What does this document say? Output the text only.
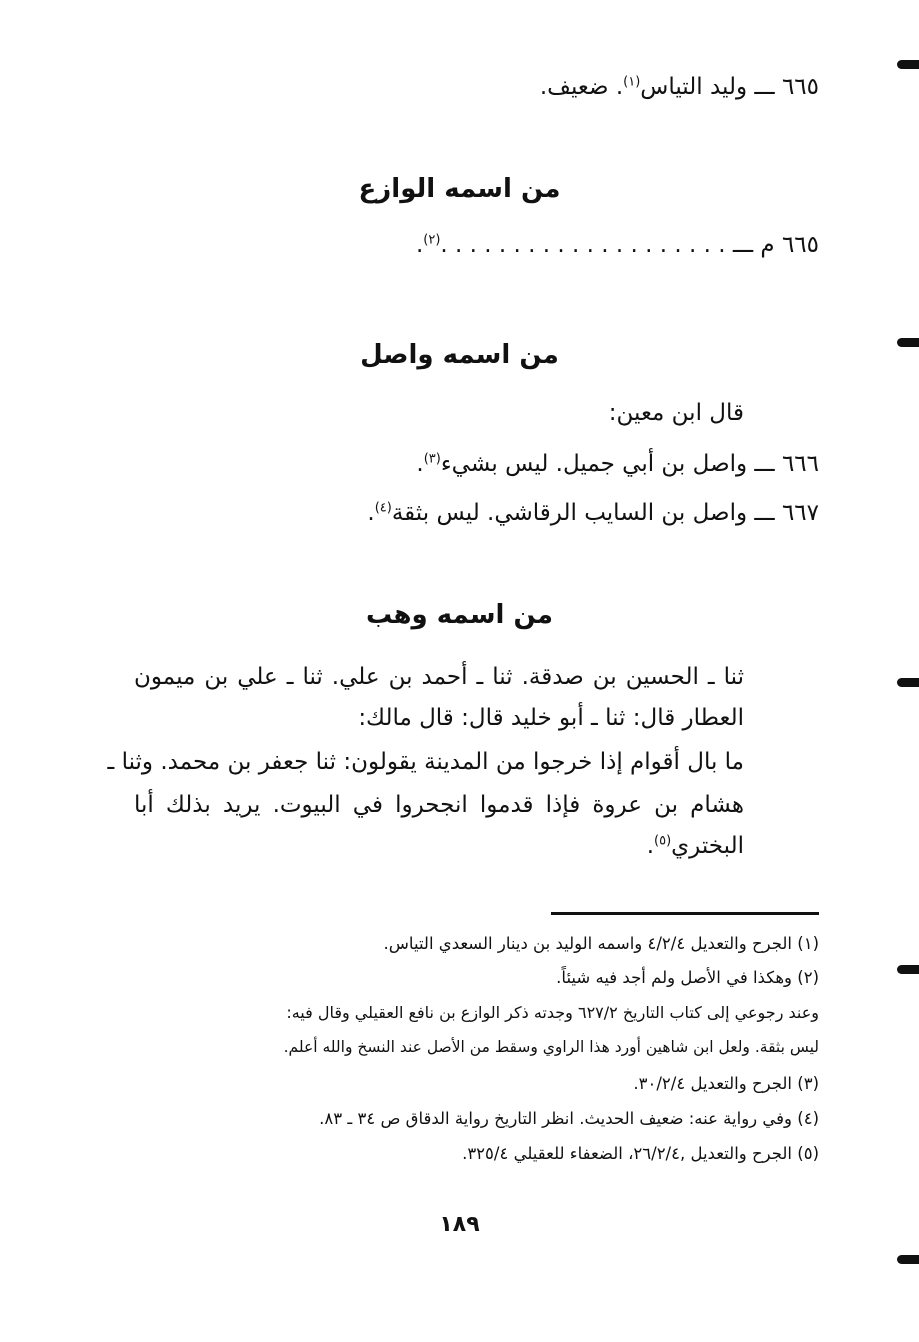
٦٦٥ ـــ وليد التياس$^{(١)}$. ضعيف.
من اسمه الوازع
٦٦٥ م ـــ . . . . . . . . . . . . . . . . . . . .$^{(٢)}$.
من اسمه واصل
قال ابن معين:
٦٦٦ ـــ واصل بن أبي جميل. ليس بشيء$^{(٣)}$.
٦٦٧ ـــ واصل بن السايب الرقاشي. ليس بثقة$^{(٤)}$.
من اسمه وهب
ثنا ـ الحسين بن صدقة. ثنا ـ أحمد بن علي. ثنا ـ علي بن ميمون
العطار قال: ثنا ـ أبو خليد قال: قال مالك:
ما بال أقوام إذا خرجوا من المدينة يقولون: ثنا جعفر بن محمد. وثنا ـ
هشام بن عروة فإذا قدموا انجحروا في البيوت. يريد بذلك أبا
البختري$^{(٥)}$.
(١) الجرح والتعديل ٤/٢/٤ واسمه الوليد بن دينار السعدي التياس.
(٢) وهكذا في الأصل ولم أجد فيه شيئاً.
وعند رجوعي إلى كتاب التاريخ ٦٢٧/٢ وجدته ذكر الوازع بن نافع العقيلي وقال فيه:
ليس بثقة. ولعل ابن شاهين أورد هذا الراوي وسقط من الأصل عند النسخ والله أعلم.
(٣) الجرح والتعديل ٣٠/٢/٤.
(٤) وفي رواية عنه: ضعيف الحديث. انظر التاريخ رواية الدقاق ص ٣٤ ـ ٨٣.
(٥) الجرح والتعديل ,٢٦/٢/٤، الضعفاء للعقيلي ٣٢٥/٤.
١٨٩
